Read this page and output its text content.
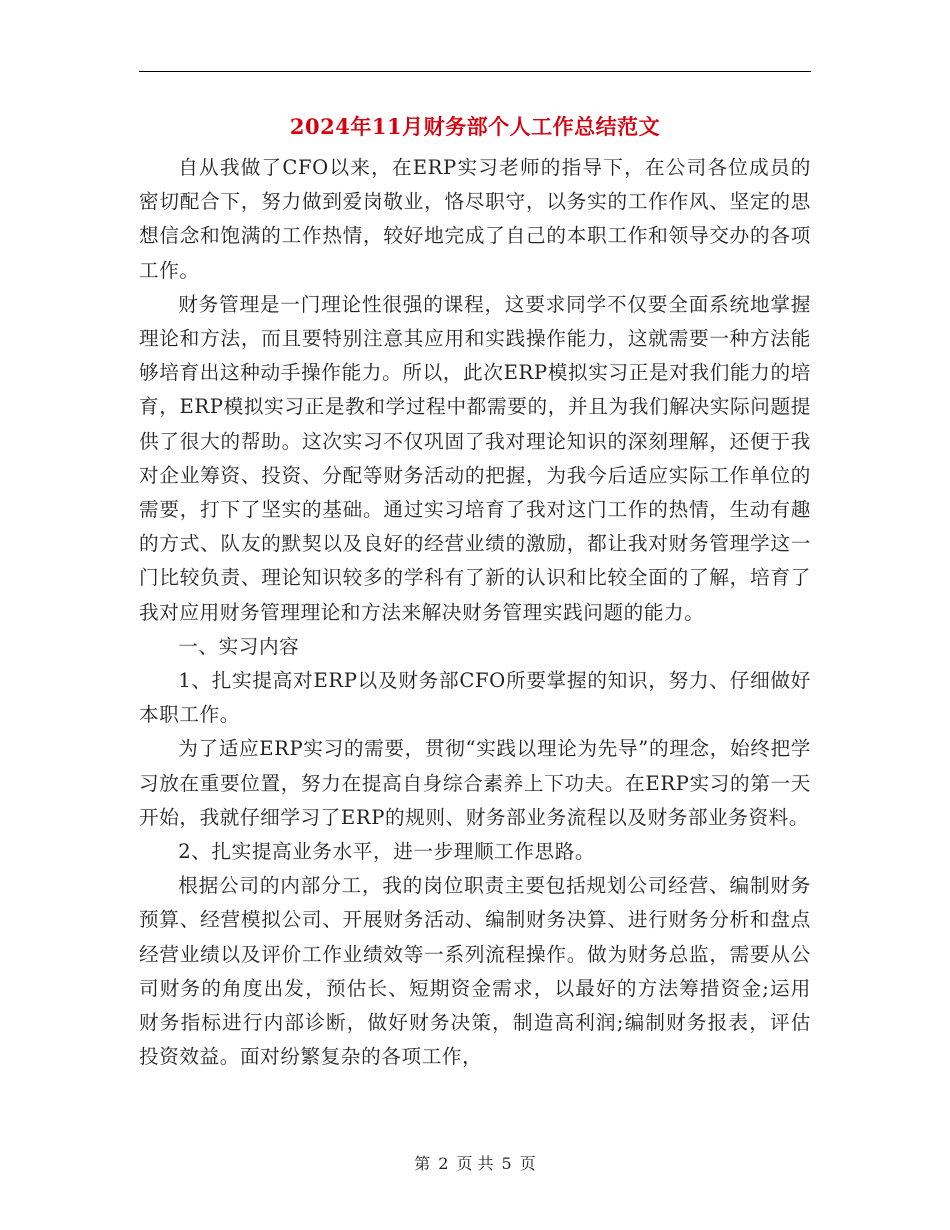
2024年11月财务部个人工作总结范文

自从我做了CFO以来，在ERP实习老师的指导下，在公司各位成员的密切配合下，努力做到爱岗敬业，恪尽职守，以务实的工作作风、坚定的思想信念和饱满的工作热情，较好地完成了自己的本职工作和领导交办的各项工作。

财务管理是一门理论性很强的课程，这要求同学不仅要全面系统地掌握理论和方法，而且要特别注意其应用和实践操作能力，这就需要一种方法能够培育出这种动手操作能力。所以，此次ERP模拟实习正是对我们能力的培育，ERP模拟实习正是教和学过程中都需要的，并且为我们解决实际问题提供了很大的帮助。这次实习不仅巩固了我对理论知识的深刻理解，还便于我对企业筹资、投资、分配等财务活动的把握，为我今后适应实际工作单位的需要，打下了坚实的基础。通过实习培育了我对这门工作的热情，生动有趣的方式、队友的默契以及良好的经营业绩的激励，都让我对财务管理学这一门比较负责、理论知识较多的学科有了新的认识和比较全面的了解，培育了我对应用财务管理理论和方法来解决财务管理实践问题的能力。

一、实习内容

1、扎实提高对ERP以及财务部CFO所要掌握的知识，努力、仔细做好本职工作。

为了适应ERP实习的需要，贯彻“实践以理论为先导”的理念，始终把学习放在重要位置，努力在提高自身综合素养上下功夫。在ERP实习的第一天开始，我就仔细学习了ERP的规则、财务部业务流程以及财务部业务资料。

2、扎实提高业务水平，进一步理顺工作思路。

根据公司的内部分工，我的岗位职责主要包括规划公司经营、编制财务预算、经营模拟公司、开展财务活动、编制财务决算、进行财务分析和盘点经营业绩以及评价工作业绩效等一系列流程操作。做为财务总监，需要从公司财务的角度出发，预估长、短期资金需求，以最好的方法筹措资金;运用财务指标进行内部诊断，做好财务决策，制造高利润;编制财务报表，评估投资效益。面对纷繁复杂的各项工作，

第 2 页 共 5 页
